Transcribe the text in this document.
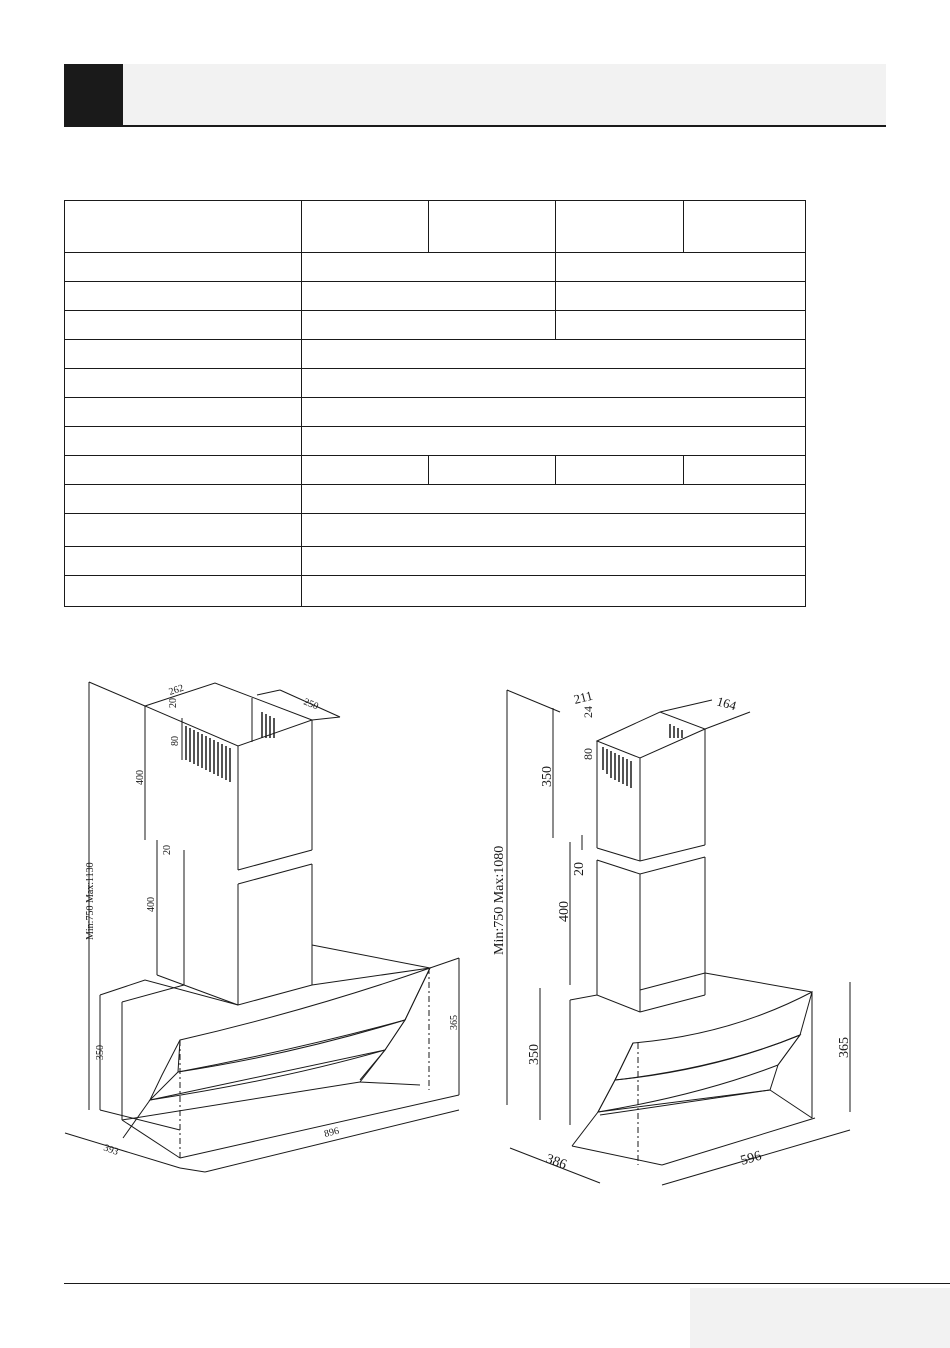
262
250
20
80
400
20
400
Min:750 Max:1130
350
365
393
896
211	164
24
80
350
20
400
Min:750 Max:1080
350	365
386	596
